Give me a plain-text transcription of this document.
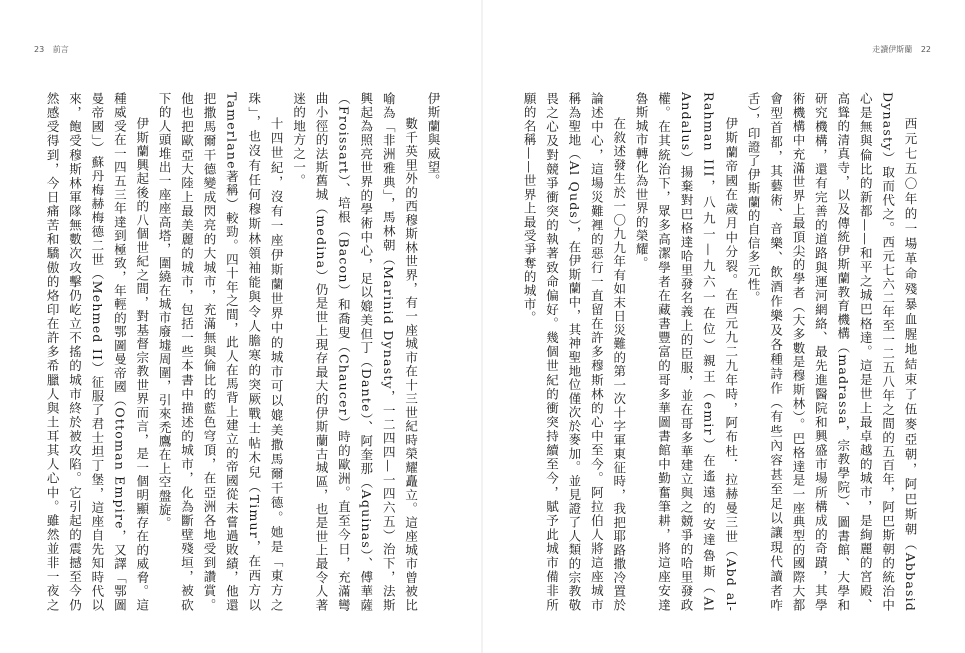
23 前言

伊斯蘭與威望。

數千英里外的西穆斯林世界，有一座城市在十三世紀時榮耀矗立。這座城市曾被比喻為「非洲雅典」，馬林朝（Marinid Dynasty，一二四四—一四六五）治下，法斯興起為照亮世界的學術中心，足以媲美但丁（Dante）、阿奎那（Aquinas）、傅華薩（Froissart）、培根（Bacon）和喬叟（Chaucer）時的歐洲。直至今日，充滿彎曲小徑的法斯舊城（medina）仍是世上現存最大的伊斯蘭古城區，也是世上最令人著迷的地方之一。

十四世紀，沒有一座伊斯蘭世界中的城市可以媲美撒馬爾干德。她是「東方之珠」，也沒有任何穆斯林領袖能與令人膽寒的突厥戰士帖木兒（Timur，在西方以Tamerlane著稱）較勁。四十年之間，此人在馬背上建立的帝國從未嘗過敗績，他還把撒馬爾干德變成閃亮的大城市，充滿無與倫比的藍色穹頂，在亞洲各地受到讚賞。他也把歐亞大陸上最美麗的城市，包括一些本書中描述的城市，化為斷壁殘垣，被砍下的人頭堆出一座座高塔，圍繞在城市廢墟周圍，引來禿鷹在上空盤旋。

伊斯蘭興起後的八個世紀之間，對基督宗教世界而言，是一個明顯存在的威脅。這種威受在一四五三年達到極致，年輕的鄂圖曼帝國（Ottoman Empire，又譯「鄂圖曼帝國」）蘇丹梅赫梅德二世（Mehmed II）征服了君士坦丁堡，這座自先知時代以來，飽受穆斯林軍隊無數次攻擊仍屹立不搖的城市終於被攻陷。它引起的震撼至今仍然感受得到，今日痛苦和驕傲的烙印在許多希臘人與土耳其人心中。雖然並非一夜之

走讀伊斯蘭 22

西元七五〇年的一場革命殘暴血腥地結束了伍麥亞朝，阿巴斯朝（Abbasid Dynasty）取而代之。西元七六二年至一二五八年之間的五百年，阿巴斯朝的統治中心是無與倫比的新都——和平之城巴格達。這是世上最卓越的城市，是絢麗的宮殿、高聳的清真寺，以及傳統伊斯蘭教育機構（madrassa，宗教學院）、圖書館、大學和研究機構，還有完善的道路與運河網絡、最先進醫院和興盛市場所構成的奇蹟，其學術機構中充滿世界上最頂尖的學者（大多數是穆斯林）。巴格達是一座典型的國際大都會型首都，其藝術、音樂、飲酒作樂及各種詩作（有些內容甚至足以讓現代讀者咋舌），印證了伊斯蘭的自信多元性。

伊斯蘭帝國在歲月中分裂。在西元九二九年時，阿布杜．拉赫曼三世（Abd al-Rahman III，八九一—九六一在位）親王（emir）在遙遠的安達魯斯（Al Andalus）揚棄對巴格達哈里發名義上的臣服，並在哥多華建立與之競爭的哈里發政權。在其統治下，眾多高潔學者在藏書豐富的哥多華圖書館中勤奮筆耕，將這座安達魯斯城市轉化為世界的榮耀。

在敘述發生於一〇九九年有如末日災難的第一次十字軍東征時，我把耶路撒冷置於論述中心，這場災難裡的惡行一直留在許多穆斯林的心中至今。阿拉伯人將這座城市稱為聖地（Al Quds），在伊斯蘭中，其神聖地位僅次於麥加。並見證了人類的宗教敬畏之心及對競爭衝突的執著致命偏好。幾個世紀的衝突持續至今，賦予此城市備非所願的名稱——世界上最受爭奪的城市。
